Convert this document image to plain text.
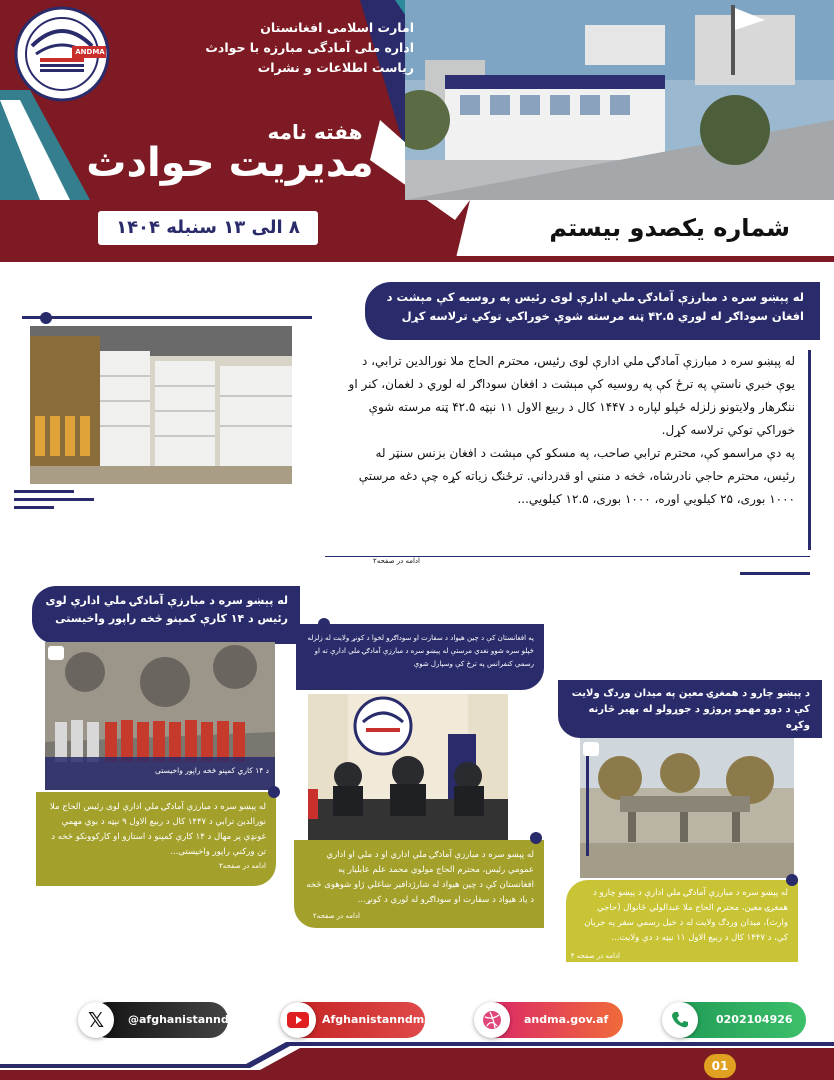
ANDMA
امارت اسلامی افغانستان
اداره ملی آمادگی مبارزه با حوادث
ریاست اطلاعات و نشرات
هفته نامه
مدیریت حوادث
۸ الی ۱۳ سنبله ۱۴۰۴	شماره یکصدو بیستم
له پېښو سره د مبارزې آمادګۍ ملي ادارې لوی رئیس په روسیه کې مېشت د افغان سوداګر له لوري ۴۲.۵ ټنه مرسته شوې خوراکي توکي ترلاسه کړل
له پېښو سره د مبارزې آمادګۍ ملي ادارې لوی رئیس، محترم الحاج ملا نورالدین ترابي، د یوې خبري ناستې په ترځ کې په روسیه کې مېشت د افغان سوداګر له لوري د لغمان، کنر او ننګرهار ولایتونو زلزله ځپلو لپاره د ۱۴۴۷ کال د ربیع الاول ۱۱ نېټه ۴۲.۵ ټنه مرسته شوې خوراکي توکي ترلاسه کړل.
په دې مراسمو کې، محترم ترابي صاحب، په مسکو کې مېشت د افغان بزنس سنټر له رئیس، محترم حاجي نادرشاه، څخه د منني او قدرداني. ترځنګ زیاته کړه چې دغه مرستې ۱۰۰۰ بوری، ۲۵ کیلویي اوره، ۱۰۰۰ بوری، ۱۲.۵ کیلویي...
ادامه در صفحه۲
له پېښو سره د مبارزې آمادګۍ ملي ادارې لوی رئیس د ۱۴ کارې کمپنو څخه راپور واخیستی
د ۱۴ کاري کمپنو څخه راپور واخیستی
له پېښو سره د مبارزې آمادګۍ ملي ادارې لوی رئیس الحاج ملا نورالدین ترابي د ۱۴۴۷ کال د ربیع الاول ۹ نېټه د بوي مهمې غونډې پر مهال د ۱۴ کارې کمپنو د استازو او کارکوونکو څخه د تن ورکنې راپور واخیستی...
ادامه در صفحه۳
په افغانستان کې د چین هیواد د سفارت او سوداګرو لخوا د کونړ ولایت له زلزله ځپلو سره شوو نغدي مرستې له پېښو سره د مبارزې آمادګۍ ملي ادارې ته او رسمي کنفرانس په ترځ کې وسپارل شوې
له پېښو سره د مبارزې آمادګۍ ملي اداري او د ملي او اداري عمومي رئیس، محترم الحاج مولوي محمد علم عابليار په افغانستان کې د چین هیواد له شارژدافیر ښاغلي ژاو شوهوی څخه د یاد هیواد د سفارت او سوداګرو له لوري د کونړ...
ادامه در صفحه۲
د پېښو چارو د همغږۍ معین په میدان وردګ ولایت کې د دوو مهمو پروژو د جوړولو له بهیر څارنه وکړه
له پېښو سره د مبارزې آمادګۍ ملي ادارې د پېښو چارو د همغږۍ معین، محترم الحاج ملا عبدالولي ځانوال (حاجي وارث)، میدان وردګ ولایت له د خیل رسمي سفر په جریان کې، د ۱۴۴۷ کال د ربیع الاول ۱۱ نېټه د دې ولایت...
ادامه در صفحه ۴
@afghanistanndma
𝕏	Afghanistanndma	andma.gov.af	0202104926
01
